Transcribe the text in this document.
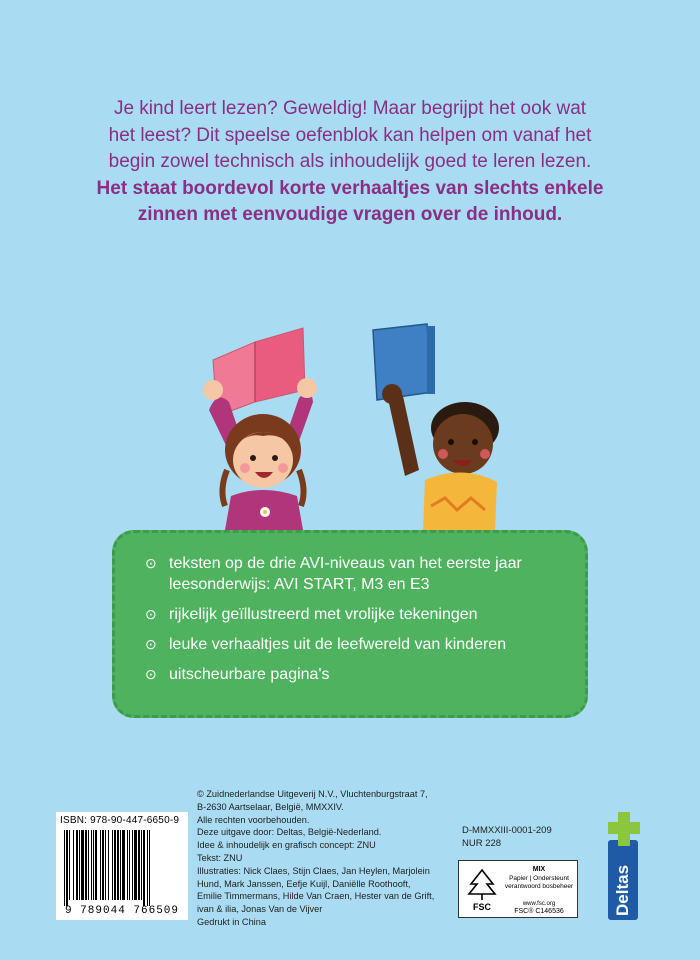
Je kind leert lezen? Geweldig! Maar begrijpt het ook wat

het leest? Dit speelse oefenblok kan helpen om vanaf het

begin zowel technisch als inhoudelijk goed te leren lezen.

Het staat boordevol korte verhaaltjes van slechts enkele

zinnen met eenvoudige vragen over de inhoud.

⊙ teksten op de drie AVI-niveaus van het eerste jaar
leesonderwijs: AVI START, M3 en E3
⊙ rijkelijk geïllustreerd met vrolijke tekeningen
⊙ leuke verhaaltjes uit de leefwereld van kinderen
⊙ uitscheurbare pagina's
ISBN: 978-90-447-6650-9
9 789044 766509
© Zuidnederlandse Uitgeverij N.V., Vluchtenburgstraat 7,
B-2630 Aartselaar, België, MMXXIV.
Alle rechten voorbehouden.
Deze uitgave door: Deltas, België-Nederland.
Idee & inhoudelijk en grafisch concept: ZNU
Tekst: ZNU
Illustraties: Nick Claes, Stijn Claes, Jan Heylen, Marjolein
Hund, Mark Janssen, Eefje Kuijl, Daniëlle Roothooft,
Emilie Timmermans, Hilde Van Craen, Hester van de Grift,
ivan & ilia, Jonas Van de Vijver
Gedrukt in China
D-MMXXIII-0001-209
NUR 228
FSC
MIX
Papier | Ondersteunt
verantwoord bosbeheer
www.fsc.org
FSC® C146536	Deltas
